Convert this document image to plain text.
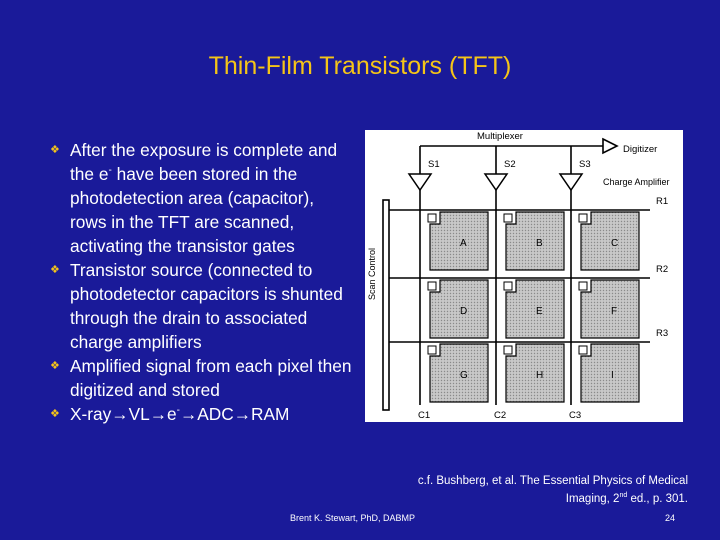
Thin-Film Transistors (TFT)
❖ After the exposure is complete and the e- have been stored in the photodetection area (capacitor), rows in the TFT are scanned, activating the transistor gates
❖ Transistor source (connected to photodetector capacitors is shunted through the drain to associated charge amplifiers
❖ Amplified signal from each pixel then digitized and stored
❖ X-ray→VL→e-→ADC→RAM
Multiplexer
Digitizer
Charge Amplifier
Scan Control
S1
C1
S2
C2
S3
C3
R1
R2
R3
A	B	C
D	E	F
G	H	I
c.f. Bushberg, et al. The Essential Physics of Medical
Imaging, 2nd ed., p. 301.
Brent K. Stewart, PhD, DABMP	24
